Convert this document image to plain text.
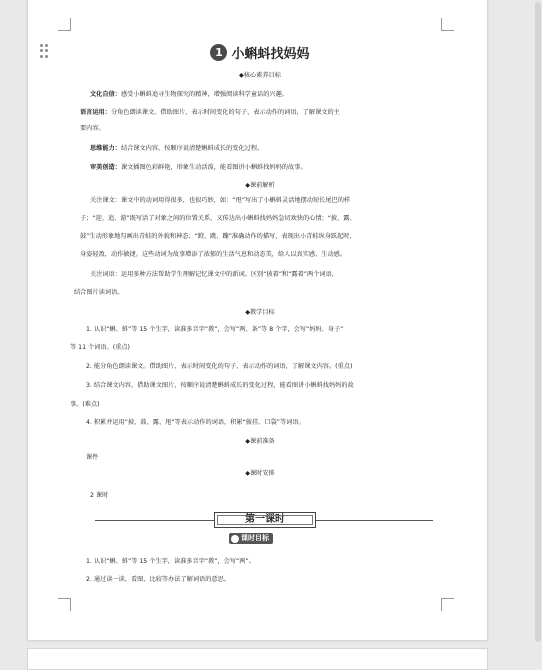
1 小蝌蚪找妈妈
◆核心素养目标
文化自信：感受小蝌蚪追寻生物探究的精神，增强阅读科学童话的兴趣。
语言运用：分角色朗读课文。借助图片、表示时间变化的句子、表示动作的词语，了解课文的主
要内容。
思维能力：结合课文内容，按顺序说清楚蝌蚪成长的变化过程。
审美创造：课文插图色彩鲜艳，形象生动活泼，能看图讲小蝌蚪找妈妈的故事。
◆课前解析
关注课文：课文中的动词用得很多，也很巧妙，如：“甩”写出了小蝌蚪灵活地摆动短长尾巴的样
子；“迎、追、游”既写活了对象之间的位置关系，又传达出小蝌蚪找妈妈急切欢快的心情；“披、露、
鼓”生动形象地勾画出青蛙的外貌和神态；“蹬、跳、蹦”准确动作的描写，表现出小青蛙纵身跃起时，
身姿轻盈，动作敏捷。这些动词为故事增添了浓郁的生活气息和动态美，给人以真实感、生动感。
关注词语：运用多种方法帮助学生理解记忆课文中的新词。区别“披着”和“露着”两个词语，
结合图片读词语。
◆教学目标
1. 认识“蝌、蚪”等 15 个生字，读准多音字“教”，会写“两、条”等 8 个字，会写“妈妈、身子”
等 11 个词语。(重点)
2. 能分角色朗读课文。借助图片、表示时间变化的句子、表示动作的词语，了解课文内容。(重点)
3. 结合课文内容，借助课文图片，按顺序说清楚蝌蚪成长的变化过程，能看图讲小蝌蚪找妈妈的故
事。(难点)
4. 积累并运用“披、鼓、露、甩”等表示动作的词语，积累“披挂、口袋”等词语。
◆课前准备
课件
◆课时安排
2 课时
第一课时
课时目标
1. 认识“蝌、蚪”等 15 个生字，读准多音字“教”，会写“两”。
2. 通过读一读、看图、比较等办法了解词语的意思。
